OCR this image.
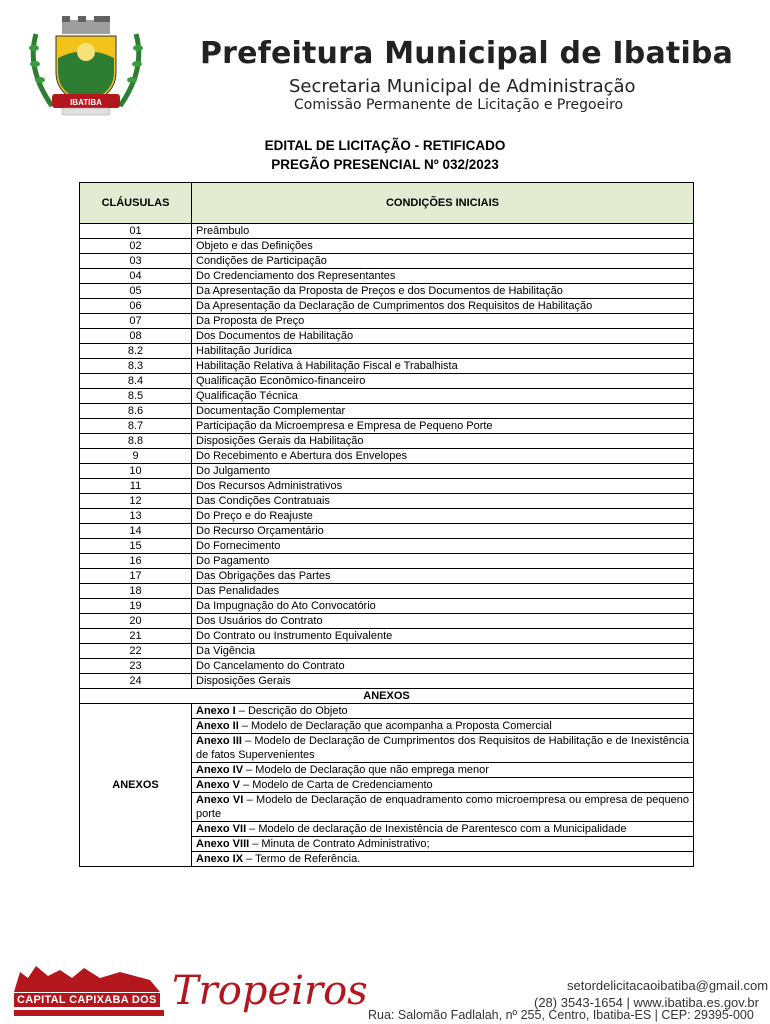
IBATIBA
Prefeitura Municipal de Ibatiba
Secretaria Municipal de Administração
Comissão Permanente de Licitação e Pregoeiro
EDITAL DE LICITAÇÃO - RETIFICADO
PREGÃO PRESENCIAL Nº 032/2023
CLÁUSULAS	CONDIÇÕES INICIAIS
01	Preâmbulo
02	Objeto e das Definições
03	Condições de Participação
04	Do Credenciamento dos Representantes
05	Da Apresentação da Proposta de Preços e dos Documentos de Habilitação
06	Da Apresentação da Declaração de Cumprimentos dos Requisitos de Habilitação
07	Da Proposta de Preço
08	Dos Documentos de Habilitação
8.2	Habilitação Jurídica
8.3	Habilitação Relativa à Habilitação Fiscal e Trabalhista
8.4	Qualificação Econômico-financeiro
8.5	Qualificação Técnica
8.6	Documentação Complementar
8.7	Participação da Microempresa e Empresa de Pequeno Porte
8.8	Disposições Gerais da Habilitação
9	Do Recebimento e Abertura dos Envelopes
10	Do Julgamento
11	Dos Recursos Administrativos
12	Das Condições Contratuais
13	Do Preço e do Reajuste
14	Do Recurso Orçamentário
15	Do Fornecimento
16	Do Pagamento
17	Das Obrigações das Partes
18	Das Penalidades
19	Da Impugnação do Ato Convocatório
20	Dos Usuários do Contrato
21	Do Contrato ou Instrumento Equivalente
22	Da Vigência
23	Do Cancelamento do Contrato
24	Disposições Gerais
ANEXOS	
ANEXOS	Anexo I – Descrição do Objeto
	Anexo II – Modelo de Declaração que acompanha a Proposta Comercial
	Anexo III – Modelo de Declaração de Cumprimentos dos Requisitos de Habilitação e de Inexistência de fatos Supervenientes
	Anexo IV – Modelo de Declaração que não emprega menor
	Anexo V – Modelo de Carta de Credenciamento
	Anexo VI – Modelo de Declaração de enquadramento como microempresa ou empresa de pequeno porte
	Anexo VII – Modelo de declaração de Inexistência de Parentesco com a Municipalidade
	Anexo VIII – Minuta de Contrato Administrativo;
	Anexo IX – Termo de Referência.
Tropeiros
CAPITAL CAPIXABA DOS
setordelicitacaoibatiba@gmail.com
(28) 3543-1654 | www.ibatiba.es.gov.br
Rua: Salomão Fadlalah, nº 255, Centro, Ibatiba-ES | CEP: 29395-000
